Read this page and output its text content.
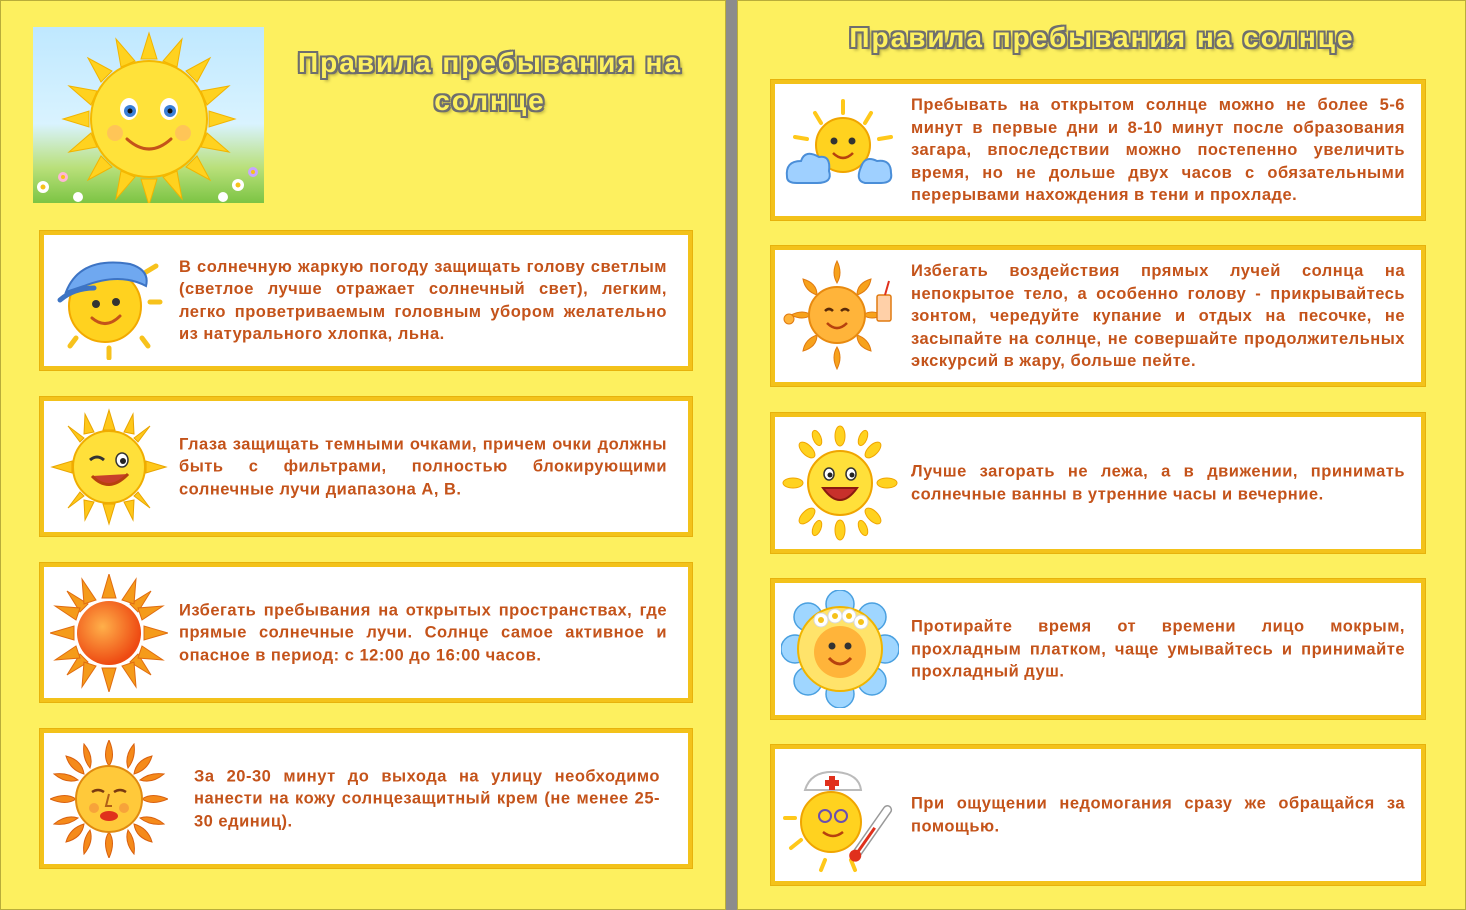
Правила пребывания на солнце
В солнечную жаркую погоду защищать голову светлым (светлое лучше отражает солнечный свет), легким, легко проветриваемым головным убором желательно из натурального хлопка, льна.
Глаза защищать темными очками, причем очки должны быть с фильтрами, полностью блокирующими солнечные лучи диапазона А, В.
Избегать пребывания на открытых пространствах, где прямые солнечные лучи. Солнце самое активное и опасное в период: с 12:00 до 16:00 часов.
За 20-30 минут до выхода на улицу необходимо нанести на кожу солнцезащитный крем (не менее 25-30 единиц).
Правила пребывания на солнце
Пребывать на открытом солнце можно не более 5-6 минут в первые дни и 8-10 минут после образования загара, впоследствии можно постепенно увеличить время, но не дольше двух часов с обязательными перерывами нахождения в тени и прохладе.
Избегать воздействия прямых лучей солнца на непокрытое тело, а особенно голову - прикрывайтесь зонтом, чередуйте купание и отдых на песочке, не засыпайте на солнце, не совершайте продолжительных экскурсий в жару, больше пейте.
Лучше загорать не лежа, а в движении, принимать солнечные ванны в утренние часы и вечерние.
Протирайте время от времени лицо мокрым, прохладным платком, чаще умывайтесь и принимайте прохладный душ.
При ощущении недомогания сразу же обращайся за помощью.
